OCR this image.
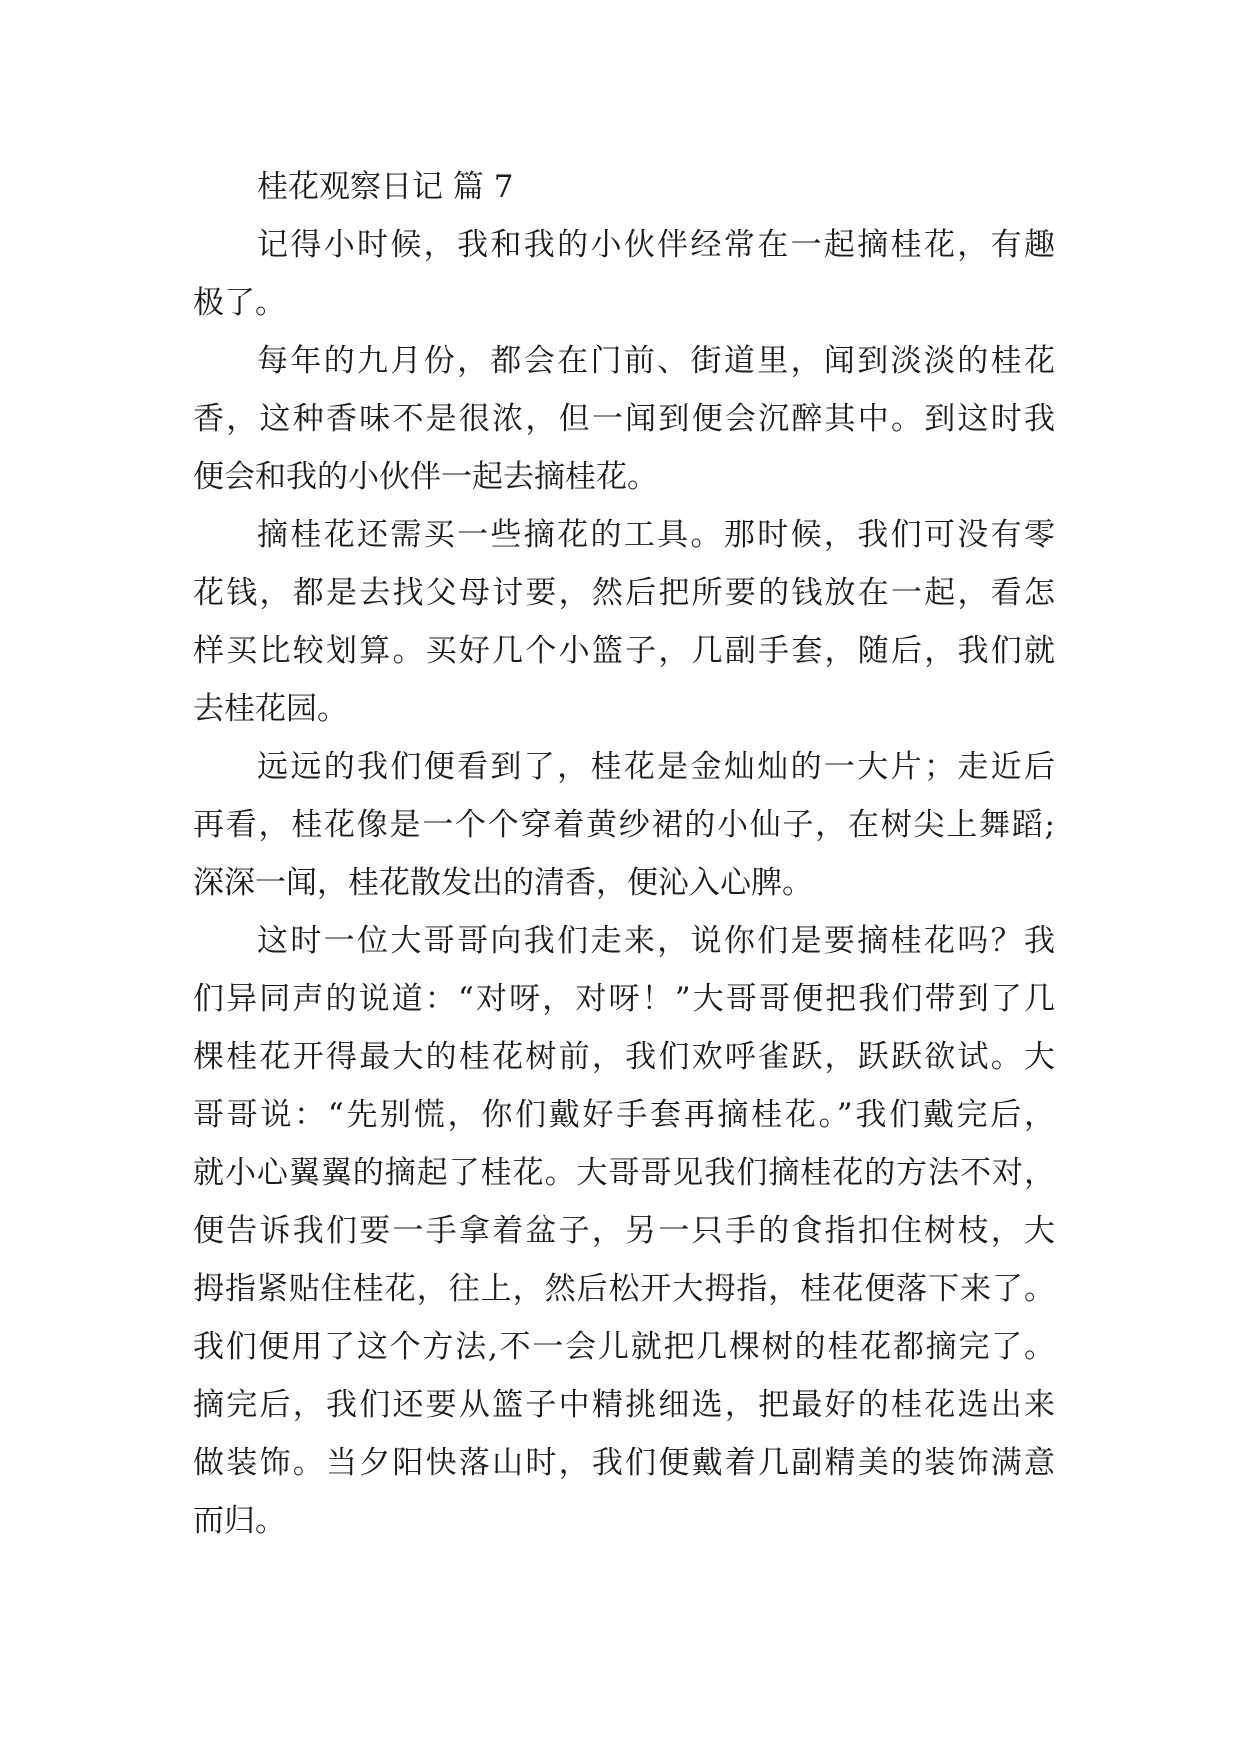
桂花观察日记 篇 7
记得小时候，我和我的小伙伴经常在一起摘桂花，有趣
极了。
每年的九月份，都会在门前、街道里，闻到淡淡的桂花
香，这种香味不是很浓，但一闻到便会沉醉其中。到这时我
便会和我的小伙伴一起去摘桂花。
摘桂花还需买一些摘花的工具。那时候，我们可没有零
花钱，都是去找父母讨要，然后把所要的钱放在一起，看怎
样买比较划算。买好几个小篮子，几副手套，随后，我们就
去桂花园。
远远的我们便看到了，桂花是金灿灿的一大片；走近后
再看，桂花像是一个个穿着黄纱裙的小仙子，在树尖上舞蹈;
深深一闻，桂花散发出的清香，便沁入心脾。
这时一位大哥哥向我们走来，说你们是要摘桂花吗？我
们异同声的说道：“对呀，对呀！”大哥哥便把我们带到了几
棵桂花开得最大的桂花树前，我们欢呼雀跃，跃跃欲试。大
哥哥说：“先别慌，你们戴好手套再摘桂花。”我们戴完后，
就小心翼翼的摘起了桂花。大哥哥见我们摘桂花的方法不对，
便告诉我们要一手拿着盆子，另一只手的食指扣住树枝，大
拇指紧贴住桂花，往上，然后松开大拇指，桂花便落下来了。
我们便用了这个方法,不一会儿就把几棵树的桂花都摘完了。
摘完后，我们还要从篮子中精挑细选，把最好的桂花选出来
做装饰。当夕阳快落山时，我们便戴着几副精美的装饰满意
而归。
